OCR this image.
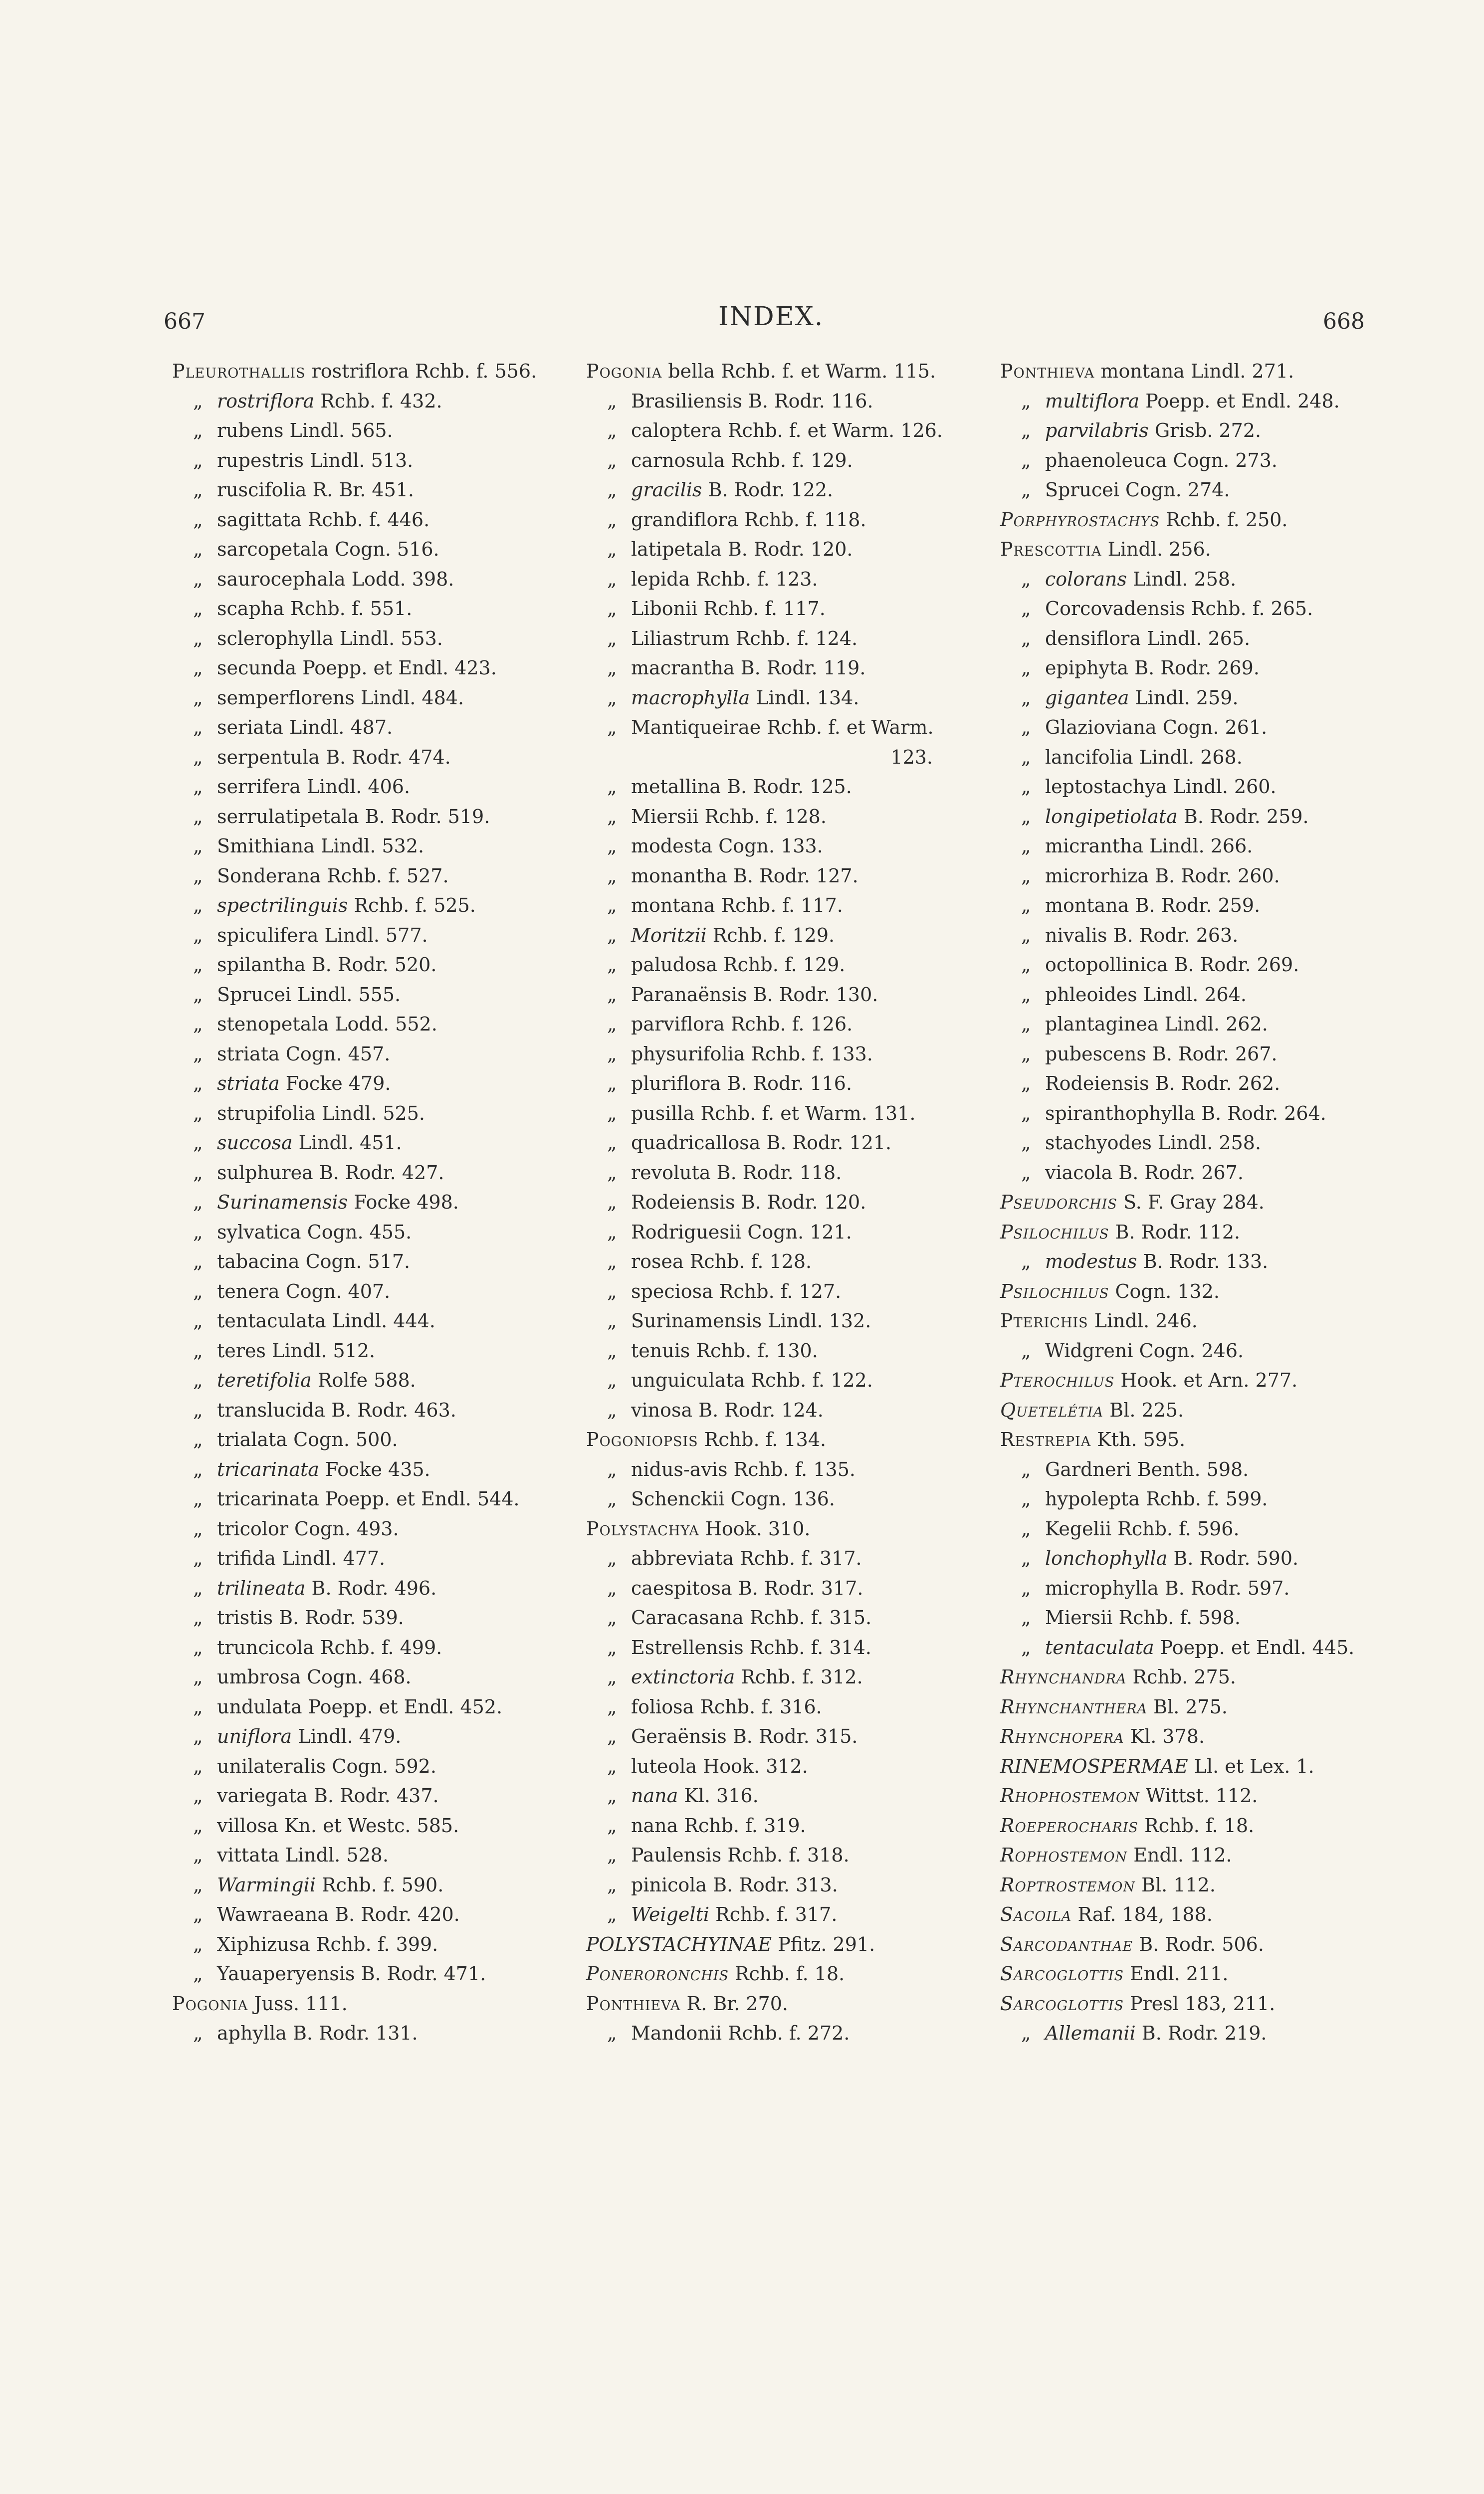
667	INDEX.	668
Pleurothallis rostriflora Rchb. f. 556.
„ rostriflora Rchb. f. 432.
„ rubens Lindl. 565.
„ rupestris Lindl. 513.
„ ruscifolia R. Br. 451.
„ sagittata Rchb. f. 446.
„ sarcopetala Cogn. 516.
„ saurocephala Lodd. 398.
„ scapha Rchb. f. 551.
„ sclerophylla Lindl. 553.
„ secunda Poepp. et Endl. 423.
„ semperflorens Lindl. 484.
„ seriata Lindl. 487.
„ serpentula B. Rodr. 474.
„ serrifera Lindl. 406.
„ serrulatipetala B. Rodr. 519.
„ Smithiana Lindl. 532.
„ Sonderana Rchb. f. 527.
„ spectrilinguis Rchb. f. 525.
„ spiculifera Lindl. 577.
„ spilantha B. Rodr. 520.
„ Sprucei Lindl. 555.
„ stenopetala Lodd. 552.
„ striata Cogn. 457.
„ striata Focke 479.
„ strupifolia Lindl. 525.
„ succosa Lindl. 451.
„ sulphurea B. Rodr. 427.
„ Surinamensis Focke 498.
„ sylvatica Cogn. 455.
„ tabacina Cogn. 517.
„ tenera Cogn. 407.
„ tentaculata Lindl. 444.
„ teres Lindl. 512.
„ teretifolia Rolfe 588.
„ translucida B. Rodr. 463.
„ trialata Cogn. 500.
„ tricarinata Focke 435.
„ tricarinata Poepp. et Endl. 544.
„ tricolor Cogn. 493.
„ trifida Lindl. 477.
„ trilineata B. Rodr. 496.
„ tristis B. Rodr. 539.
„ truncicola Rchb. f. 499.
„ umbrosa Cogn. 468.
„ undulata Poepp. et Endl. 452.
„ uniflora Lindl. 479.
„ unilateralis Cogn. 592.
„ variegata B. Rodr. 437.
„ villosa Kn. et Westc. 585.
„ vittata Lindl. 528.
„ Warmingii Rchb. f. 590.
„ Wawraeana B. Rodr. 420.
„ Xiphizusa Rchb. f. 399.
„ Yauaperyensis B. Rodr. 471.
Pogonia Juss. 111.
„ aphylla B. Rodr. 131.
Pogonia bella Rchb. f. et Warm. 115.
„ Brasiliensis B. Rodr. 116.
„ caloptera Rchb. f. et Warm. 126.
„ carnosula Rchb. f. 129.
„ gracilis B. Rodr. 122.
„ grandiflora Rchb. f. 118.
„ latipetala B. Rodr. 120.
„ lepida Rchb. f. 123.
„ Libonii Rchb. f. 117.
„ Liliastrum Rchb. f. 124.
„ macrantha B. Rodr. 119.
„ macrophylla Lindl. 134.
„ Mantiqueirae Rchb. f. et Warm.
123.
„ metallina B. Rodr. 125.
„ Miersii Rchb. f. 128.
„ modesta Cogn. 133.
„ monantha B. Rodr. 127.
„ montana Rchb. f. 117.
„ Moritzii Rchb. f. 129.
„ paludosa Rchb. f. 129.
„ Paranaënsis B. Rodr. 130.
„ parviflora Rchb. f. 126.
„ physurifolia Rchb. f. 133.
„ pluriflora B. Rodr. 116.
„ pusilla Rchb. f. et Warm. 131.
„ quadricallosa B. Rodr. 121.
„ revoluta B. Rodr. 118.
„ Rodeiensis B. Rodr. 120.
„ Rodriguesii Cogn. 121.
„ rosea Rchb. f. 128.
„ speciosa Rchb. f. 127.
„ Surinamensis Lindl. 132.
„ tenuis Rchb. f. 130.
„ unguiculata Rchb. f. 122.
„ vinosa B. Rodr. 124.
Pogoniopsis Rchb. f. 134.
„ nidus-avis Rchb. f. 135.
„ Schenckii Cogn. 136.
Polystachya Hook. 310.
„ abbreviata Rchb. f. 317.
„ caespitosa B. Rodr. 317.
„ Caracasana Rchb. f. 315.
„ Estrellensis Rchb. f. 314.
„ extinctoria Rchb. f. 312.
„ foliosa Rchb. f. 316.
„ Geraënsis B. Rodr. 315.
„ luteola Hook. 312.
„ nana Kl. 316.
„ nana Rchb. f. 319.
„ Paulensis Rchb. f. 318.
„ pinicola B. Rodr. 313.
„ Weigelti Rchb. f. 317.
POLYSTACHYINAE Pfitz. 291.
Poneroronchis Rchb. f. 18.
Ponthieva R. Br. 270.
„ Mandonii Rchb. f. 272.
Ponthieva montana Lindl. 271.
„ multiflora Poepp. et Endl. 248.
„ parvilabris Grisb. 272.
„ phaenoleuca Cogn. 273.
„ Sprucei Cogn. 274.
Porphyrostachys Rchb. f. 250.
Prescottia Lindl. 256.
„ colorans Lindl. 258.
„ Corcovadensis Rchb. f. 265.
„ densiflora Lindl. 265.
„ epiphyta B. Rodr. 269.
„ gigantea Lindl. 259.
„ Glazioviana Cogn. 261.
„ lancifolia Lindl. 268.
„ leptostachya Lindl. 260.
„ longipetiolata B. Rodr. 259.
„ micrantha Lindl. 266.
„ microrhiza B. Rodr. 260.
„ montana B. Rodr. 259.
„ nivalis B. Rodr. 263.
„ octopollinica B. Rodr. 269.
„ phleoides Lindl. 264.
„ plantaginea Lindl. 262.
„ pubescens B. Rodr. 267.
„ Rodeiensis B. Rodr. 262.
„ spiranthophylla B. Rodr. 264.
„ stachyodes Lindl. 258.
„ viacola B. Rodr. 267.
Pseudorchis S. F. Gray 284.
Psilochilus B. Rodr. 112.
„ modestus B. Rodr. 133.
Psilochilus Cogn. 132.
Pterichis Lindl. 246.
„ Widgreni Cogn. 246.
Pterochilus Hook. et Arn. 277.
Quetelétia Bl. 225.
Restrepia Kth. 595.
„ Gardneri Benth. 598.
„ hypolepta Rchb. f. 599.
„ Kegelii Rchb. f. 596.
„ lonchophylla B. Rodr. 590.
„ microphylla B. Rodr. 597.
„ Miersii Rchb. f. 598.
„ tentaculata Poepp. et Endl. 445.
Rhynchandra Rchb. 275.
Rhynchanthera Bl. 275.
Rhynchopera Kl. 378.
RINEMOSPERMAE Ll. et Lex. 1.
Rhophostemon Wittst. 112.
Roeperocharis Rchb. f. 18.
Rophostemon Endl. 112.
Roptrostemon Bl. 112.
Sacoila Raf. 184, 188.
Sarcodanthae B. Rodr. 506.
Sarcoglottis Endl. 211.
Sarcoglottis Presl 183, 211.
„ Allemanii B. Rodr. 219.
